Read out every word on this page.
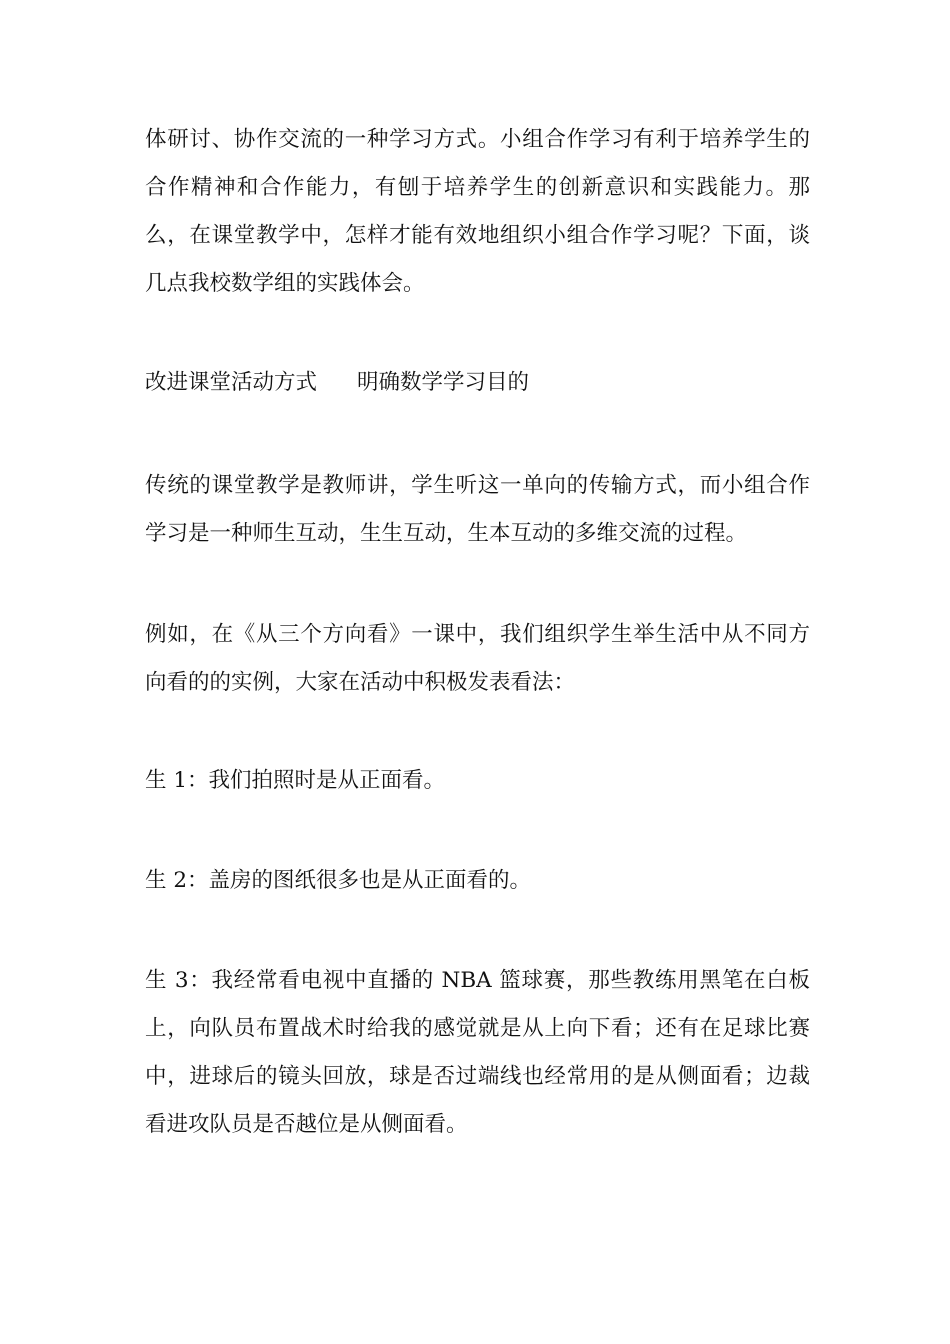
体研讨、协作交流的一种学习方式。小组合作学习有利于培养学生的合作精神和合作能力，有刨于培养学生的创新意识和实践能力。那么，在课堂教学中，怎样才能有效地组织小组合作学习呢？下面，谈几点我校数学组的实践体会。

改进课堂活动方式 明确数学学习目的

传统的课堂教学是教师讲，学生听这一单向的传输方式，而小组合作学习是一种师生互动，生生互动，生本互动的多维交流的过程。

例如，在《从三个方向看》一课中，我们组织学生举生活中从不同方向看的的实例，大家在活动中积极发表看法：

生 1：我们拍照时是从正面看。

生 2：盖房的图纸很多也是从正面看的。

生 3：我经常看电视中直播的 NBA 篮球赛，那些教练用黑笔在白板上，向队员布置战术时给我的感觉就是从上向下看；还有在足球比赛中，进球后的镜头回放，球是否过端线也经常用的是从侧面看；边裁看进攻队员是否越位是从侧面看。
